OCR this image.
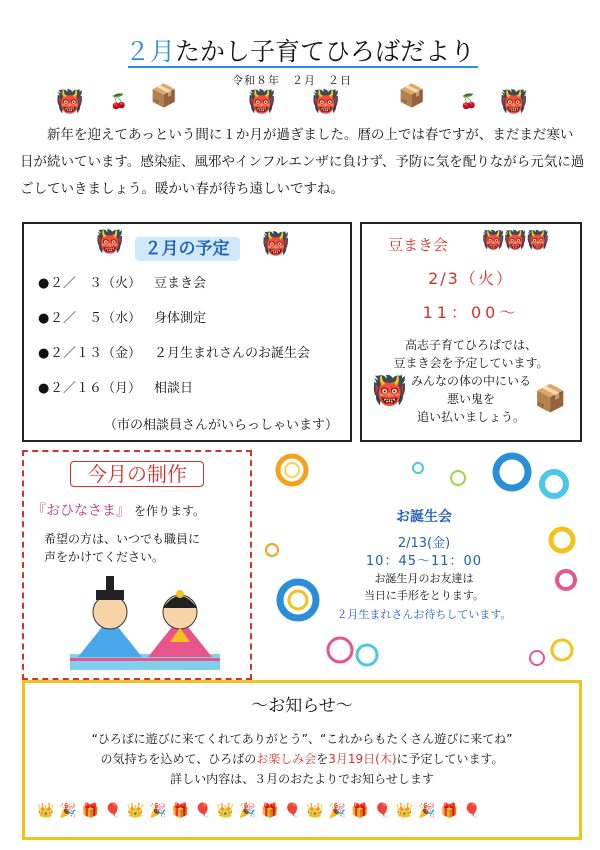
２月たかし子育てひろばだより
令和８年　２月　２日
👹 🍒 📦	👹 👹	📦 🍒 👹
新年を迎えてあっという間に１か月が過ぎました。暦の上では春ですが、まだまだ寒い日が続いています。感染症、風邪やインフルエンザに負けず、予防に気を配りながら元気に過ごしていきましょう。暖かい春が待ち遠しいですね。
👹	２月の予定	👹
●２／　３（火） 豆まき会
●２／　５（水） 身体測定
●２／１３（金） ２月生まれさんのお誕生会
●２／１６（月） 相談日
（市の相談員さんがいらっしゃいます）
豆まき会 👹👹👹
2/3（火）
11：00～
高志子育てひろばでは、
豆まき会を予定しています。
みんなの体の中にいる
悪い鬼を
追い払いましょう。
👹	📦
今月の制作
『おひなさま』 を作ります。
希望の方は、いつでも職員に
声をかけてください。
お誕生会
2/13(金)
10：45～11：00
お誕生月のお友達は
当日に手形をとります。
２月生まれさんお待ちしています。
～お知らせ～
“ひろばに遊びに来てくれてありがとう”、“これからもたくさん遊びに来てね”
の気持ちを込めて、ひろばのお楽しみ会を3月19日(木)に予定しています。
詳しい内容は、３月のおたよりでお知らせします
👑🎉🎁🎈👑🎉🎁🎈👑🎉🎁🎈👑🎉🎁🎈👑🎉🎁🎈
